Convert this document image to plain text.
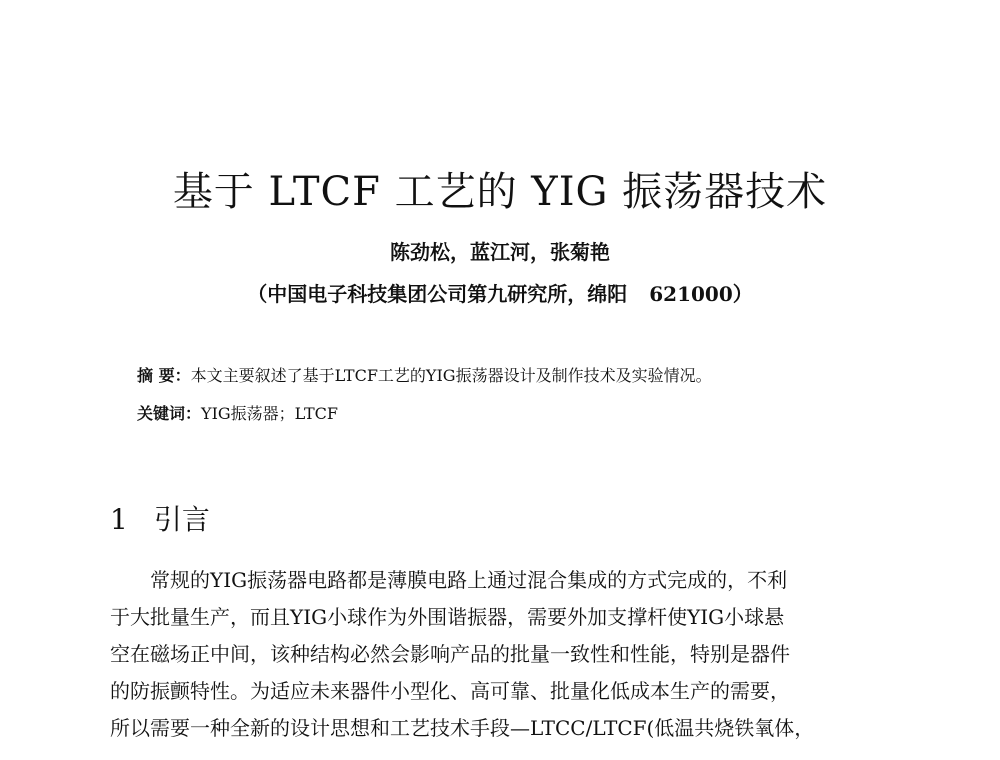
基于 LTCF 工艺的 YIG 振荡器技术

陈劲松，蓝江河，张菊艳

（中国电子科技集团公司第九研究所，绵阳 621000）

摘 要：本文主要叙述了基于LTCF工艺的YIG振荡器设计及制作技术及实验情况。

关键词：YIG振荡器；LTCF

1 引言
常规的YIG振荡器电路都是薄膜电路上通过混合集成的方式完成的，不利
于大批量生产，而且YIG小球作为外围谐振器，需要外加支撑杆使YIG小球悬
空在磁场正中间，该种结构必然会影响产品的批量一致性和性能，特别是器件
的防振颤特性。为适应未来器件小型化、高可靠、批量化低成本生产的需要，
所以需要一种全新的设计思想和工艺技术手段—LTCC/LTCF(低温共烧铁氧体，
